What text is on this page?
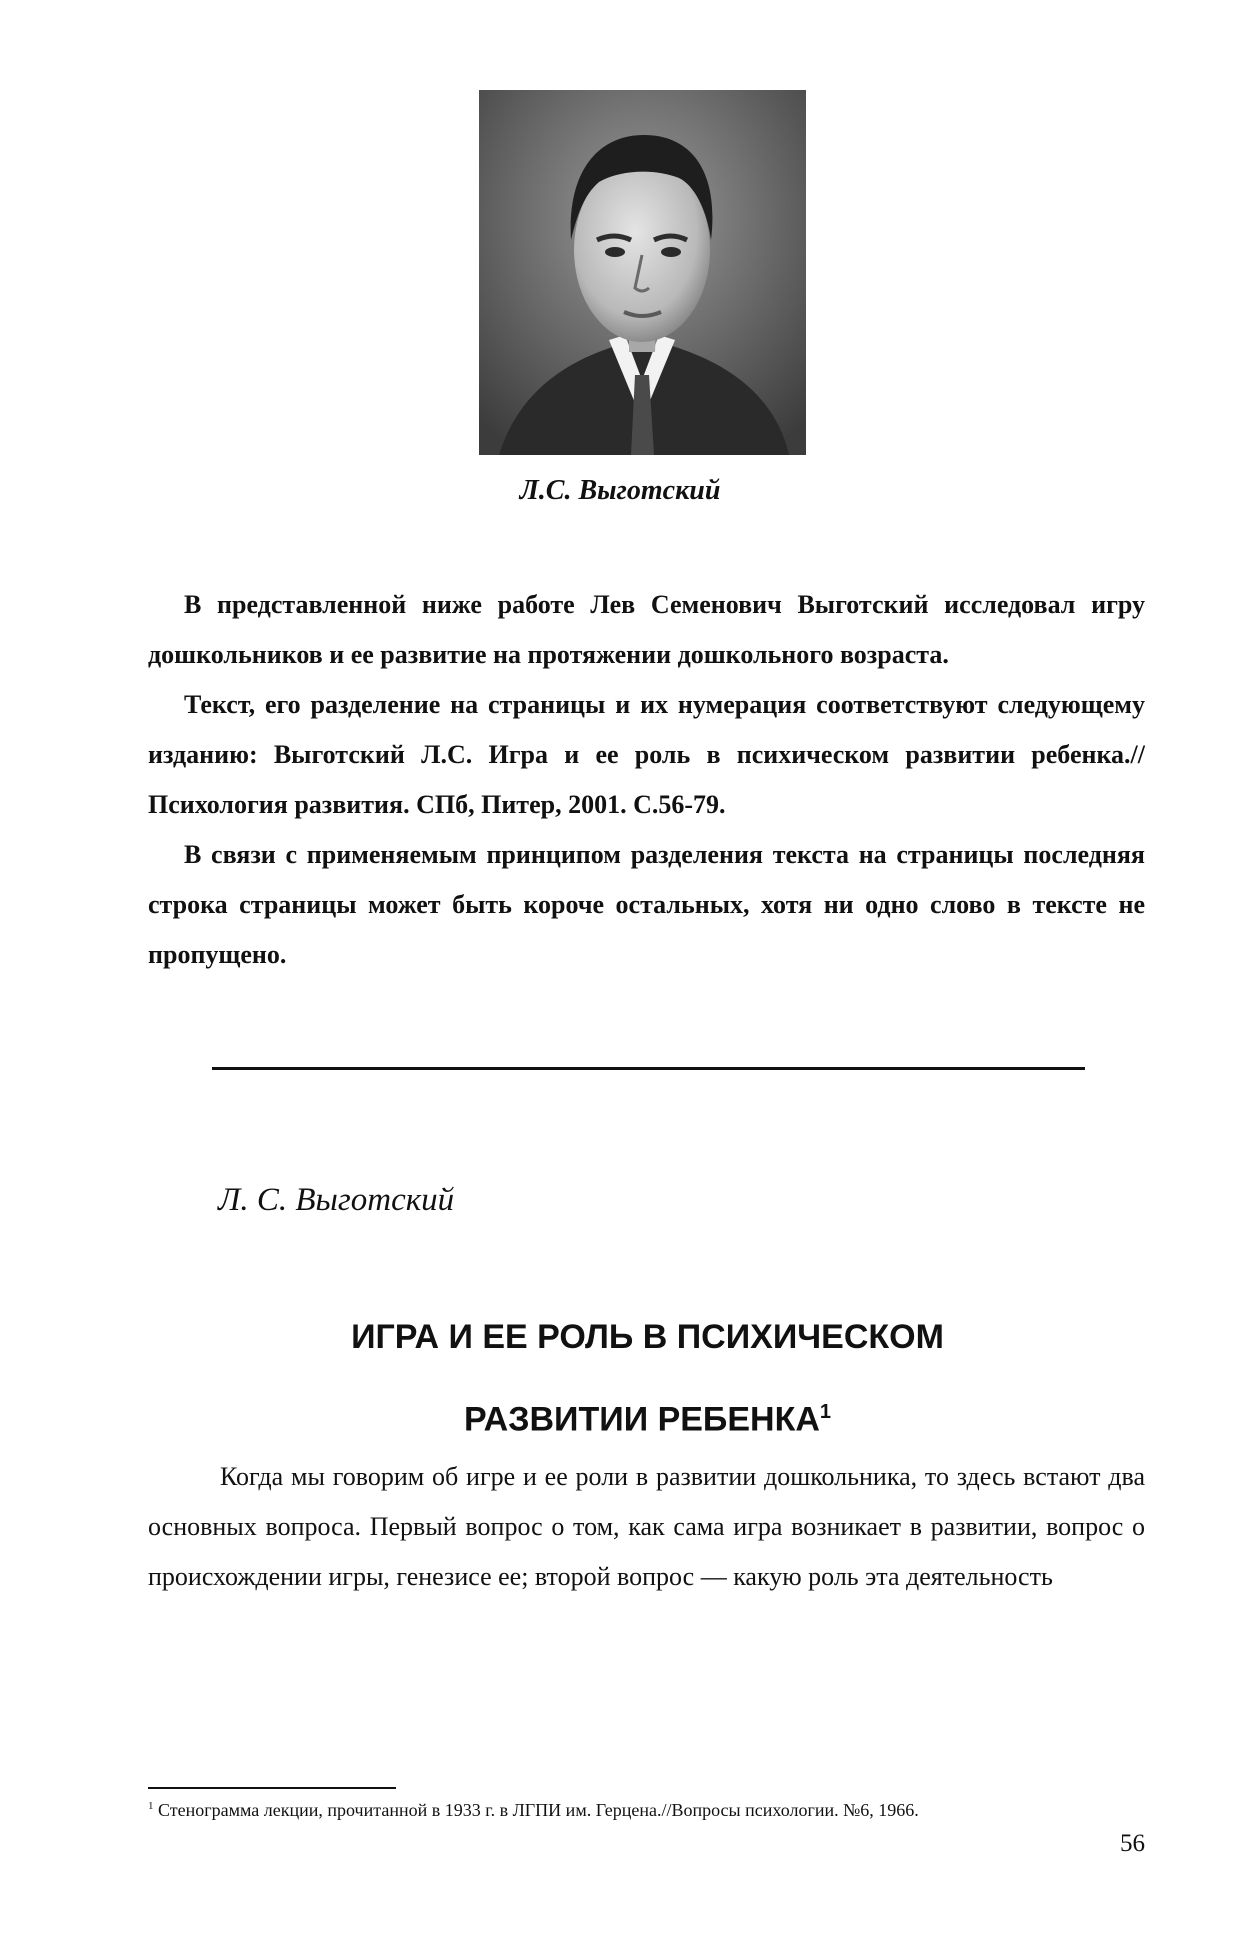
Л.С. Выготский

В представленной ниже работе Лев Семенович Выготский исследовал игру дошкольников и ее развитие на протяжении дошкольного возраста.

Текст, его разделение на страницы и их нумерация соответствуют следующему изданию: Выготский Л.С. Игра и ее роль в психическом развитии ребенка.//Психология развития. СПб, Питер, 2001. С.56-79.

В связи с применяемым принципом разделения текста на страницы последняя строка страницы может быть короче остальных, хотя ни одно слово в тексте не пропущено.

Л. С. Выготский
ИГРА И ЕЕ РОЛЬ В ПСИХИЧЕСКОМ
РАЗВИТИИ РЕБЕНКА$^1$

Когда мы говорим об игре и ее роли в развитии дошкольника, то здесь встают два основных вопроса. Первый вопрос о том, как сама игра возникает в развитии, вопрос о происхождении игры, генезисе ее; второй вопрос — какую роль эта деятельность

$^1$ Стенограмма лекции, прочитанной в 1933 г. в ЛГПИ им. Герцена.//Вопросы психологии. №6, 1966.
56
